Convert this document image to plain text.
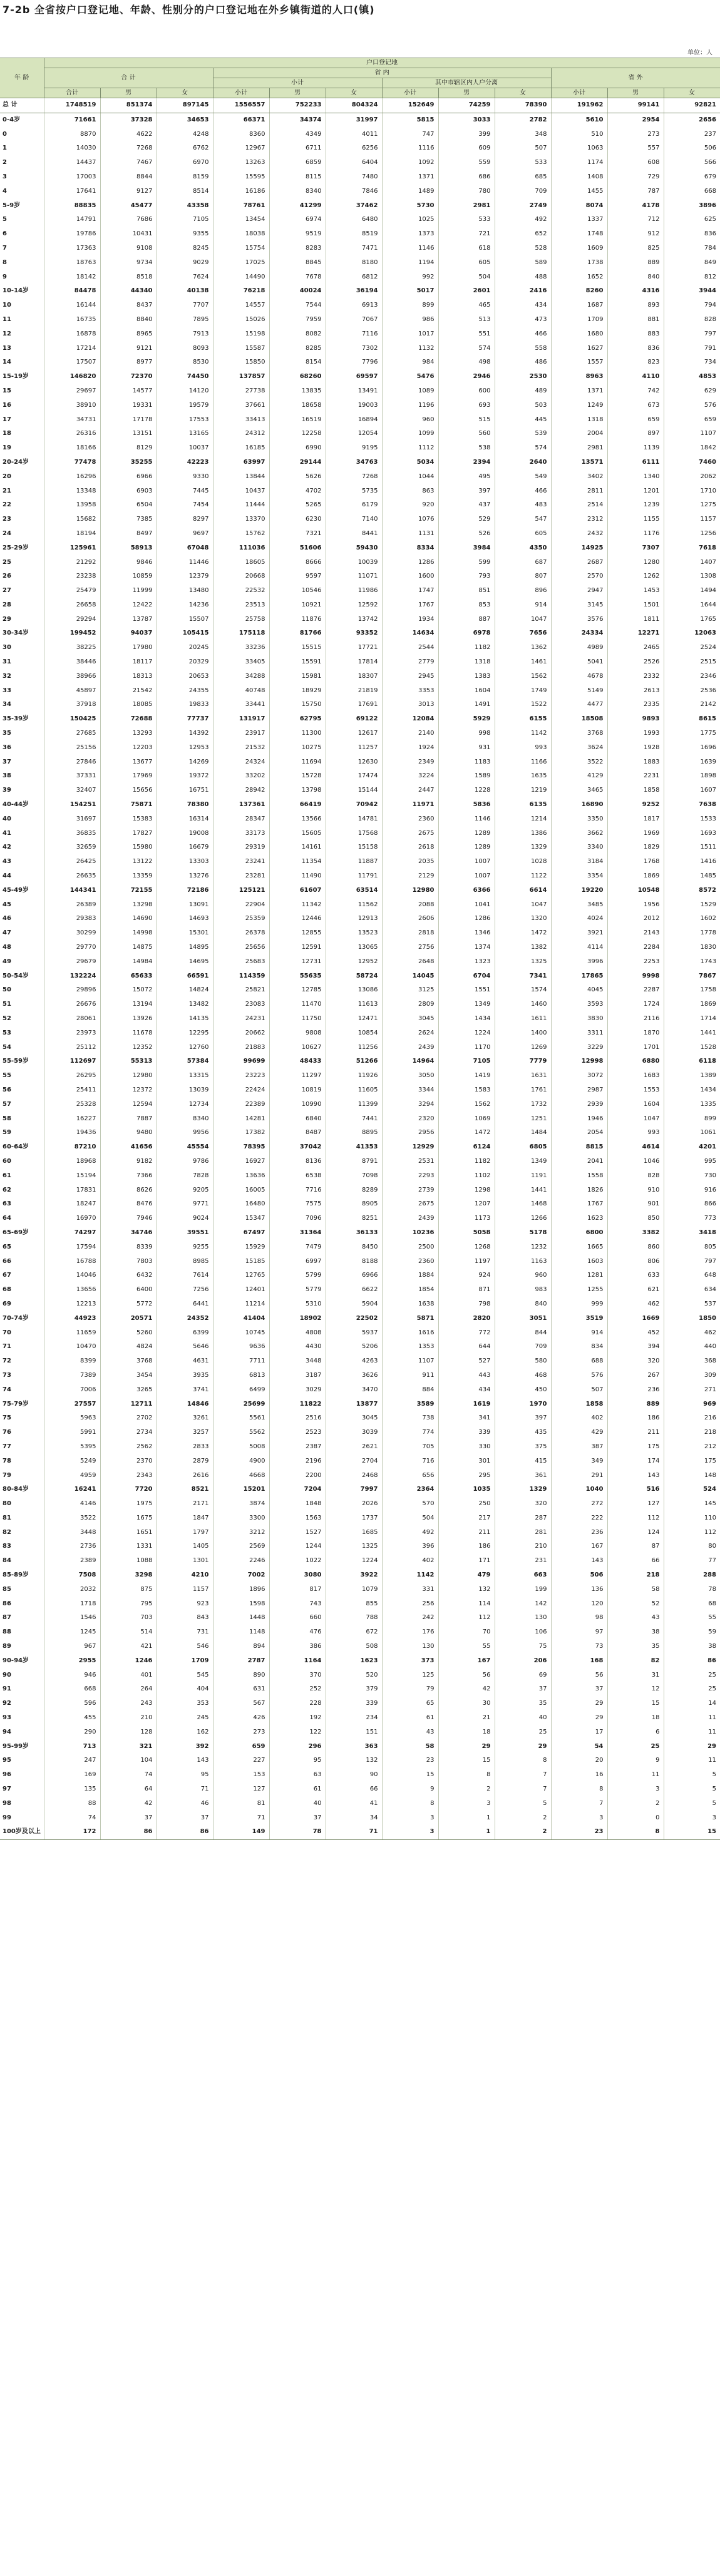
7-2b 全省按户口登记地、年龄、性别分的户口登记地在外乡镇街道的人口(镇)
单位：人
年 龄	户口登记地											
	合 计			省 内						省 外		
				小计			其中市辖区内人户分离					
	合计	男	女	小计	男	女	小计	男	女	小计	男	女
总 计	1748519	851374	897145	1556557	752233	804324	152649	74259	78390	191962	99141	92821
0-4岁	71661	37328	34653	66371	34374	31997	5815	3033	2782	5610	2954	2656
0	8870	4622	4248	8360	4349	4011	747	399	348	510	273	237
1	14030	7268	6762	12967	6711	6256	1116	609	507	1063	557	506
2	14437	7467	6970	13263	6859	6404	1092	559	533	1174	608	566
3	17003	8844	8159	15595	8115	7480	1371	686	685	1408	729	679
4	17641	9127	8514	16186	8340	7846	1489	780	709	1455	787	668
5-9岁	88835	45477	43358	78761	41299	37462	5730	2981	2749	8074	4178	3896
5	14791	7686	7105	13454	6974	6480	1025	533	492	1337	712	625
6	19786	10431	9355	18038	9519	8519	1373	721	652	1748	912	836
7	17363	9108	8245	15754	8283	7471	1146	618	528	1609	825	784
8	18763	9734	9029	17025	8845	8180	1194	605	589	1738	889	849
9	18142	8518	7624	14490	7678	6812	992	504	488	1652	840	812
10-14岁	84478	44340	40138	76218	40024	36194	5017	2601	2416	8260	4316	3944
10	16144	8437	7707	14557	7544	6913	899	465	434	1687	893	794
11	16735	8840	7895	15026	7959	7067	986	513	473	1709	881	828
12	16878	8965	7913	15198	8082	7116	1017	551	466	1680	883	797
13	17214	9121	8093	15587	8285	7302	1132	574	558	1627	836	791
14	17507	8977	8530	15850	8154	7796	984	498	486	1557	823	734
15-19岁	146820	72370	74450	137857	68260	69597	5476	2946	2530	8963	4110	4853
15	29697	14577	14120	27738	13835	13491	1089	600	489	1371	742	629
16	38910	19331	19579	37661	18658	19003	1196	693	503	1249	673	576
17	34731	17178	17553	33413	16519	16894	960	515	445	1318	659	659
18	26316	13151	13165	24312	12258	12054	1099	560	539	2004	897	1107
19	18166	8129	10037	16185	6990	9195	1112	538	574	2981	1139	1842
20-24岁	77478	35255	42223	63997	29144	34763	5034	2394	2640	13571	6111	7460
20	16296	6966	9330	13844	5626	7268	1044	495	549	3402	1340	2062
21	13348	6903	7445	10437	4702	5735	863	397	466	2811	1201	1710
22	13958	6504	7454	11444	5265	6179	920	437	483	2514	1239	1275
23	15682	7385	8297	13370	6230	7140	1076	529	547	2312	1155	1157
24	18194	8497	9697	15762	7321	8441	1131	526	605	2432	1176	1256
25-29岁	125961	58913	67048	111036	51606	59430	8334	3984	4350	14925	7307	7618
25	21292	9846	11446	18605	8666	10039	1286	599	687	2687	1280	1407
26	23238	10859	12379	20668	9597	11071	1600	793	807	2570	1262	1308
27	25479	11999	13480	22532	10546	11986	1747	851	896	2947	1453	1494
28	26658	12422	14236	23513	10921	12592	1767	853	914	3145	1501	1644
29	29294	13787	15507	25758	11876	13742	1934	887	1047	3576	1811	1765
30-34岁	199452	94037	105415	175118	81766	93352	14634	6978	7656	24334	12271	12063
30	38225	17980	20245	33236	15515	17721	2544	1182	1362	4989	2465	2524
31	38446	18117	20329	33405	15591	17814	2779	1318	1461	5041	2526	2515
32	38966	18313	20653	34288	15981	18307	2945	1383	1562	4678	2332	2346
33	45897	21542	24355	40748	18929	21819	3353	1604	1749	5149	2613	2536
34	37918	18085	19833	33441	15750	17691	3013	1491	1522	4477	2335	2142
35-39岁	150425	72688	77737	131917	62795	69122	12084	5929	6155	18508	9893	8615
35	27685	13293	14392	23917	11300	12617	2140	998	1142	3768	1993	1775
36	25156	12203	12953	21532	10275	11257	1924	931	993	3624	1928	1696
37	27846	13677	14269	24324	11694	12630	2349	1183	1166	3522	1883	1639
38	37331	17969	19372	33202	15728	17474	3224	1589	1635	4129	2231	1898
39	32407	15656	16751	28942	13798	15144	2447	1228	1219	3465	1858	1607
40-44岁	154251	75871	78380	137361	66419	70942	11971	5836	6135	16890	9252	7638
40	31697	15383	16314	28347	13566	14781	2360	1146	1214	3350	1817	1533
41	36835	17827	19008	33173	15605	17568	2675	1289	1386	3662	1969	1693
42	32659	15980	16679	29319	14161	15158	2618	1289	1329	3340	1829	1511
43	26425	13122	13303	23241	11354	11887	2035	1007	1028	3184	1768	1416
44	26635	13359	13276	23281	11490	11791	2129	1007	1122	3354	1869	1485
45-49岁	144341	72155	72186	125121	61607	63514	12980	6366	6614	19220	10548	8572
45	26389	13298	13091	22904	11342	11562	2088	1041	1047	3485	1956	1529
46	29383	14690	14693	25359	12446	12913	2606	1286	1320	4024	2012	1602
47	30299	14998	15301	26378	12855	13523	2818	1346	1472	3921	2143	1778
48	29770	14875	14895	25656	12591	13065	2756	1374	1382	4114	2284	1830
49	29679	14984	14695	25683	12731	12952	2648	1323	1325	3996	2253	1743
50-54岁	132224	65633	66591	114359	55635	58724	14045	6704	7341	17865	9998	7867
50	29896	15072	14824	25821	12785	13086	3125	1551	1574	4045	2287	1758
51	26676	13194	13482	23083	11470	11613	2809	1349	1460	3593	1724	1869
52	28061	13926	14135	24231	11750	12471	3045	1434	1611	3830	2116	1714
53	23973	11678	12295	20662	9808	10854	2624	1224	1400	3311	1870	1441
54	25112	12352	12760	21883	10627	11256	2439	1170	1269	3229	1701	1528
55-59岁	112697	55313	57384	99699	48433	51266	14964	7105	7779	12998	6880	6118
55	26295	12980	13315	23223	11297	11926	3050	1419	1631	3072	1683	1389
56	25411	12372	13039	22424	10819	11605	3344	1583	1761	2987	1553	1434
57	25328	12594	12734	22389	10990	11399	3294	1562	1732	2939	1604	1335
58	16227	7887	8340	14281	6840	7441	2320	1069	1251	1946	1047	899
59	19436	9480	9956	17382	8487	8895	2956	1472	1484	2054	993	1061
60-64岁	87210	41656	45554	78395	37042	41353	12929	6124	6805	8815	4614	4201
60	18968	9182	9786	16927	8136	8791	2531	1182	1349	2041	1046	995
61	15194	7366	7828	13636	6538	7098	2293	1102	1191	1558	828	730
62	17831	8626	9205	16005	7716	8289	2739	1298	1441	1826	910	916
63	18247	8476	9771	16480	7575	8905	2675	1207	1468	1767	901	866
64	16970	7946	9024	15347	7096	8251	2439	1173	1266	1623	850	773
65-69岁	74297	34746	39551	67497	31364	36133	10236	5058	5178	6800	3382	3418
65	17594	8339	9255	15929	7479	8450	2500	1268	1232	1665	860	805
66	16788	7803	8985	15185	6997	8188	2360	1197	1163	1603	806	797
67	14046	6432	7614	12765	5799	6966	1884	924	960	1281	633	648
68	13656	6400	7256	12401	5779	6622	1854	871	983	1255	621	634
69	12213	5772	6441	11214	5310	5904	1638	798	840	999	462	537
70-74岁	44923	20571	24352	41404	18902	22502	5871	2820	3051	3519	1669	1850
70	11659	5260	6399	10745	4808	5937	1616	772	844	914	452	462
71	10470	4824	5646	9636	4430	5206	1353	644	709	834	394	440
72	8399	3768	4631	7711	3448	4263	1107	527	580	688	320	368
73	7389	3454	3935	6813	3187	3626	911	443	468	576	267	309
74	7006	3265	3741	6499	3029	3470	884	434	450	507	236	271
75-79岁	27557	12711	14846	25699	11822	13877	3589	1619	1970	1858	889	969
75	5963	2702	3261	5561	2516	3045	738	341	397	402	186	216
76	5991	2734	3257	5562	2523	3039	774	339	435	429	211	218
77	5395	2562	2833	5008	2387	2621	705	330	375	387	175	212
78	5249	2370	2879	4900	2196	2704	716	301	415	349	174	175
79	4959	2343	2616	4668	2200	2468	656	295	361	291	143	148
80-84岁	16241	7720	8521	15201	7204	7997	2364	1035	1329	1040	516	524
80	4146	1975	2171	3874	1848	2026	570	250	320	272	127	145
81	3522	1675	1847	3300	1563	1737	504	217	287	222	112	110
82	3448	1651	1797	3212	1527	1685	492	211	281	236	124	112
83	2736	1331	1405	2569	1244	1325	396	186	210	167	87	80
84	2389	1088	1301	2246	1022	1224	402	171	231	143	66	77
85-89岁	7508	3298	4210	7002	3080	3922	1142	479	663	506	218	288
85	2032	875	1157	1896	817	1079	331	132	199	136	58	78
86	1718	795	923	1598	743	855	256	114	142	120	52	68
87	1546	703	843	1448	660	788	242	112	130	98	43	55
88	1245	514	731	1148	476	672	176	70	106	97	38	59
89	967	421	546	894	386	508	130	55	75	73	35	38
90-94岁	2955	1246	1709	2787	1164	1623	373	167	206	168	82	86
90	946	401	545	890	370	520	125	56	69	56	31	25
91	668	264	404	631	252	379	79	42	37	37	12	25
92	596	243	353	567	228	339	65	30	35	29	15	14
93	455	210	245	426	192	234	61	21	40	29	18	11
94	290	128	162	273	122	151	43	18	25	17	6	11
95-99岁	713	321	392	659	296	363	58	29	29	54	25	29
95	247	104	143	227	95	132	23	15	8	20	9	11
96	169	74	95	153	63	90	15	8	7	16	11	5
97	135	64	71	127	61	66	9	2	7	8	3	5
98	88	42	46	81	40	41	8	3	5	7	2	5
99	74	37	37	71	37	34	3	1	2	3	0	3
100岁及以上	172	86	86	149	78	71	3	1	2	23	8	15
